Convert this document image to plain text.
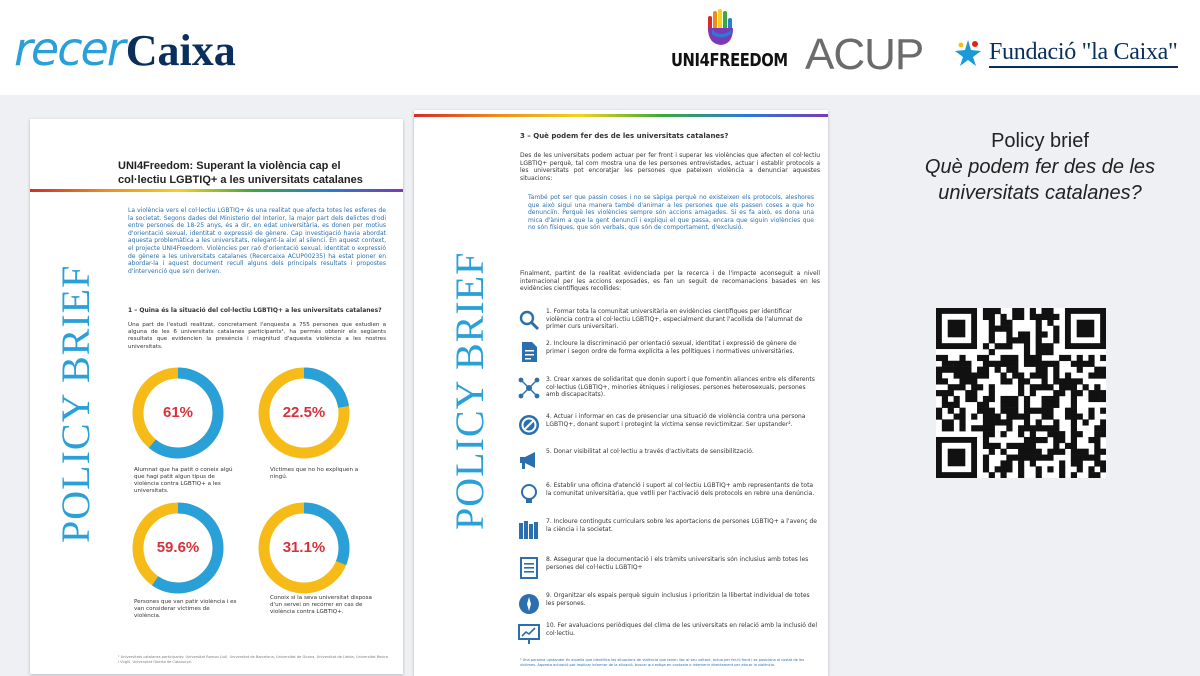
recer Caixa	UNI4FREEDOM ACUP	Fundació "la Caixa"
POLICY BRIEF
UNI4Freedom: Superant la violència cap el col·lectiu LGBTIQ+ a les universitats catalanes
La violència vers el col·lectiu LGBTIQ+ és una realitat que afecta totes les esferes de la societat. Segons dades del Ministerio del Interior, la major part dels delictes d'odi entre persones de 18-25 anys, és a dir, en edat universitària, es donen per motius d'orientació sexual, identitat o expressió de gènere. Cap investigació havia abordat aquesta problemàtica a les universitats, relegant-la així al silenci. En aquest context, el projecte UNI4Freedom. Violències per raó d'orientació sexual, identitat o expressió de gènere a les universitats catalanes (Recercaixa ACUP00235) ha estat pioner en abordar-la i aquest document recull alguns dels principals resultats i propostes d'intervenció que se'n deriven.
1 – Quina és la situació del col·lectiu LGBTIQ+ a les universitats catalanes?
Una part de l'estudi realitzat, concretament l'enquesta a 755 persones que estudien a alguna de les 6 universitats catalanes participants¹, ha permès obtenir els següents resultats que evidencien la presència i magnitud d'aquesta violència a les nostres universitats.
61%
Alumnat que ha patit o coneix algú que hagi patit algun tipus de violència contra LGBTIQ+ a les universitats.
22.5%
Víctimes que no ho expliquen a ningú.
59.6%
Persones que van patir violència i es van considerar víctimes de violència.
31.1%
Conoix si la seva universitat disposa d'un servei on recórrer en cas de violència contra LGBTIQ+.
¹ Universitats catalanes participants: Universitat Ramon Llull, Universitat de Barcelona, Universitat de Girona, Universitat de Lleida, Universitat Rovira i Virgili, Universitat Oberta de Catalunya.
POLICY BRIEF
3 – Què podem fer des de les universitats catalanes?
Des de les universitats podem actuar per fer front i superar les violències que afecten el col·lectiu LGBTIQ+ perquè, tal com mostra una de les persones entrevistades, actuar i establir protocols a les universitats pot encoratjar les persones que pateixen violència a denunciar aquestes situacions:
També pot ser que passin coses i no se sàpiga perquè no existeixen els protocols, aleshores que això sigui una manera també d'animar a les persones que els passen coses a que ho denunciïn. Perquè les violències sempre són accions amagades. Si es fa això, es dona una mica d'ànim a que la gent denunciï i expliqui el que passa, encara que siguin violències que no són físiques, que són verbals, que són de comportament, d'exclusió.
Finalment, partint de la realitat evidenciada per la recerca i de l'impacte aconseguit a nivell internacional per les accions exposades, es fan un seguit de recomanacions basades en les evidències científiques recollides:
1. Formar tota la comunitat universitària en evidències científiques per identificar violència contra el col·lectiu LGBTIQ+, especialment durant l'acollida de l'alumnat de primer curs universitari.
2. Incloure la discriminació per orientació sexual, identitat i expressió de gènere de primer i segon ordre de forma explícita a les polítiques i normatives universitàries.
3. Crear xarxes de solidaritat que donin suport i que fomentin aliances entre els diferents col·lectius (LGBTIQ+, minories ètniques i religioses, persones heterosexuals, persones amb discapacitats).
4. Actuar i informar en cas de presenciar una situació de violència contra una persona LGBTIQ+, donant suport i protegint la víctima sense revictimitzar. Ser upstander².
5. Donar visibilitat al col·lectiu a través d'activitats de sensibilització.
6. Establir una oficina d'atenció i suport al col·lectiu LGBTIQ+ amb representants de tota la comunitat universitària, que vetlli per l'activació dels protocols en rebre una denúncia.
7. Incloure continguts curriculars sobre les aportacions de persones LGBTIQ+ a l'avenç de la ciència i la societat.
8. Assegurar que la documentació i els tràmits universitaris són inclusius amb totes les persones del col·lectiu LGBTIQ+
9. Organitzar els espais perquè siguin inclusius i prioritzin la llibertat individual de totes les persones.
10. Fer avaluacions periòdiques del clima de les universitats en relació amb la inclusió del col·lectiu.
² Una persona upstander és aquella que identifica les situacions de violència que tenen lloc al seu voltant, actua per fer-hi front i es posiciona al costat de les víctimes. Aquesta actuació pot implicar informar de la situació, buscar qui estiga en contacte o intervenir directament per aturar la violència.
Policy brief
Què podem fer des de les universitats catalanes?
